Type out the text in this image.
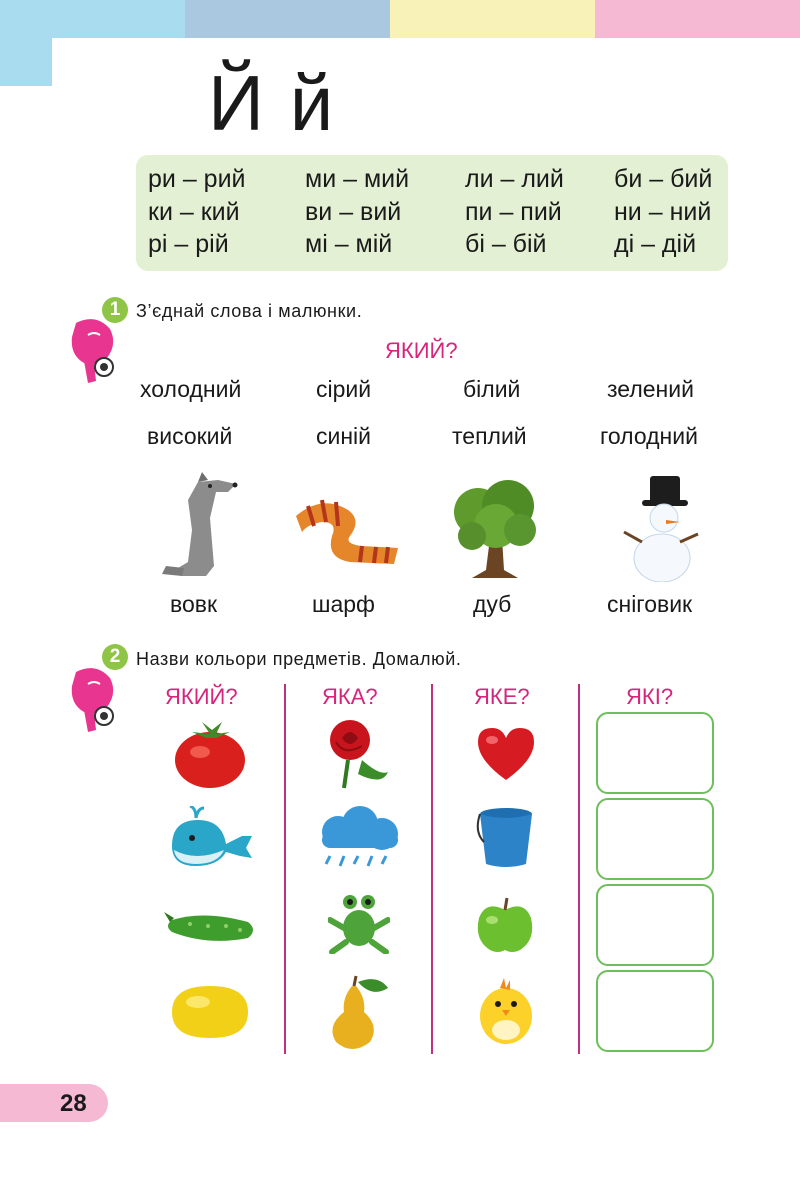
Й й
ри – рий ми – мий ли – лий би – бий
ки – кий	ви – вий	пи – пий ни – ний
рі – рій	мі – мій	бі – бій	ді – дій
1 З’єднай слова і малюнки.
ЯКИЙ?
холодний	сірий	білий	зелений
високий	синій	теплий	голодний
вовк	шарф	дуб	сніговик
2 Назви кольори предметів. Домалюй.
ЯКИЙ?	ЯКА?	ЯКЕ?	ЯКІ?
28
